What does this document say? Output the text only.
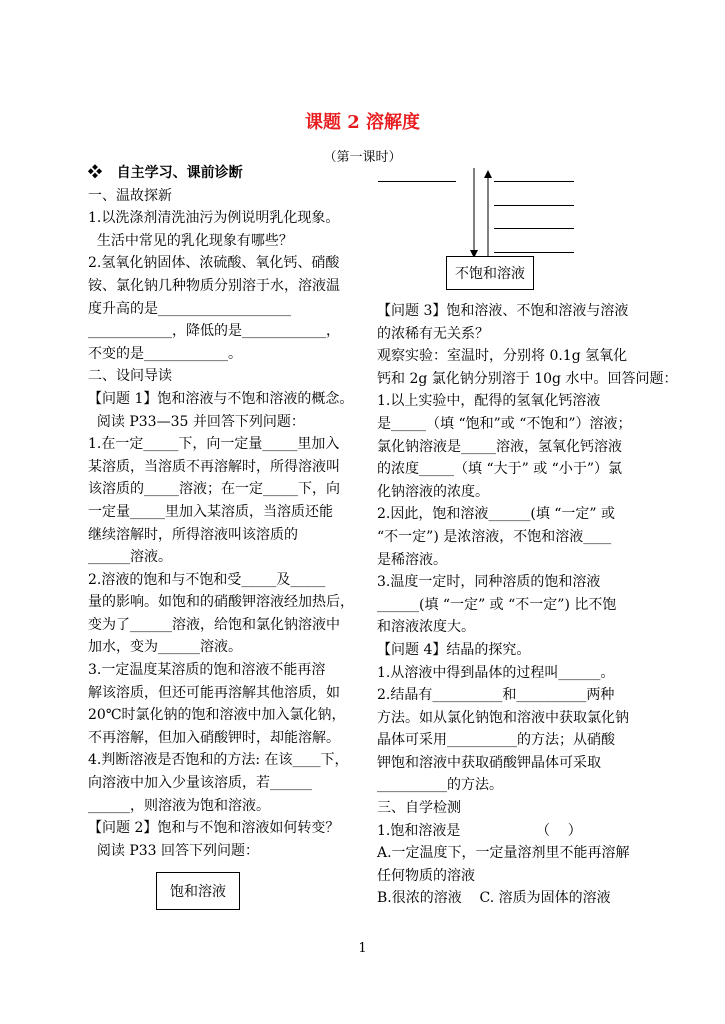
课题 2 溶解度
（第一课时）
❖   自主学习、课前诊断
一、温故探新
1.以洗涤剂清洗油污为例说明乳化现象。
生活中常见的乳化现象有哪些？
2.氢氧化钠固体、浓硫酸、氧化钙、硝酸
铵、氯化钠几种物质分别溶于水，溶液温
度升高的是___________________
____________，降低的是____________，
不变的是____________。
二、设问导读
【问题 1】饱和溶液与不饱和溶液的概念。
阅读 P33—35 并回答下列问题：
1.在一定_____下，向一定量_____里加入
某溶质，当溶质不再溶解时，所得溶液叫
该溶质的_____溶液；在一定_____下，向
一定量_____里加入某溶质，当溶质还能
继续溶解时，所得溶液叫该溶质的
______溶液。
2.溶液的饱和与不饱和受_____及_____
量的影响。如饱和的硝酸钾溶液经加热后，
变为了______溶液，给饱和氯化钠溶液中
加水，变为______溶液。
3.一定温度某溶质的饱和溶液不能再溶
解该溶质，但还可能再溶解其他溶质，如
20℃时氯化钠的饱和溶液中加入氯化钠，
不再溶解，但加入硝酸钾时，却能溶解。
4.判断溶液是否饱和的方法: 在该____下，
向溶液中加入少量该溶质，若______
______，则溶液为饱和溶液。
【问题 2】饱和与不饱和溶液如何转变？
阅读 P33 回答下列问题：
饱和溶液
不饱和溶液
【问题 3】饱和溶液、不饱和溶液与溶液
的浓稀有无关系？
观察实验：室温时，分别将 0.1g 氢氧化
钙和 2g 氯化钠分别溶于 10g 水中。回答问题：
1.以上实验中，配得的氢氧化钙溶液
是_____（填 “饱和”或 “不饱和”）溶液；
氯化钠溶液是_____溶液，氢氧化钙溶液
的浓度_____（填 “大于” 或 “小于”）氯
化钠溶液的浓度。
2.因此，饱和溶液______(填 “一定” 或
“不一定”) 是浓溶液，不饱和溶液____
是稀溶液。
3.温度一定时，同种溶质的饱和溶液
______(填 “一定” 或 “不一定”) 比不饱
和溶液浓度大。
【问题 4】结晶的探究。
1.从溶液中得到晶体的过程叫______。
2.结晶有__________和__________两种
方法。如从氯化钠饱和溶液中获取氯化钠
晶体可采用__________的方法；从硝酸
钾饱和溶液中获取硝酸钾晶体可采取
__________的方法。
三、自学检测
1.饱和溶液是                 （    ）
A.一定温度下，一定量溶剂里不能再溶解
任何物质的溶液
B.很浓的溶液    C. 溶质为固体的溶液
1
